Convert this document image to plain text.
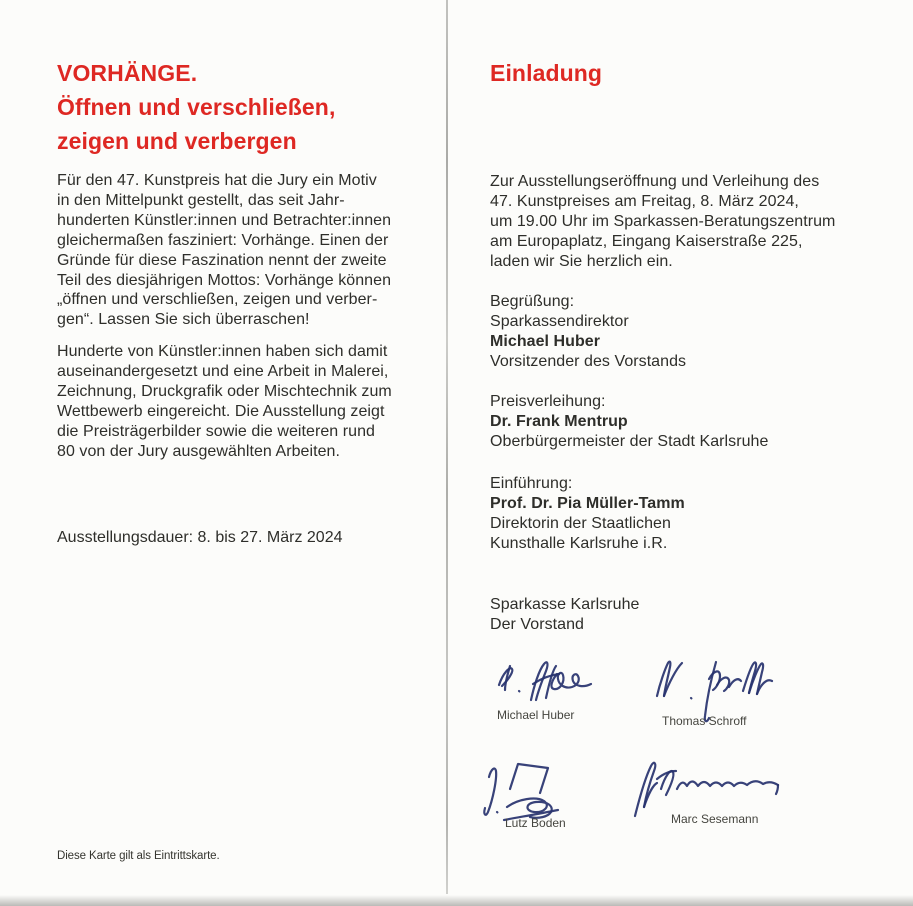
VORHÄNGE.
Öffnen und verschließen,
zeigen und verbergen
Für den 47. Kunstpreis hat die Jury ein Motiv
in den Mittelpunkt gestellt, das seit Jahr-
hunderten Künstler:innen und Betrachter:innen
gleichermaßen fasziniert: Vorhänge. Einen der
Gründe für diese Faszination nennt der zweite
Teil des diesjährigen Mottos: Vorhänge können
„öffnen und verschließen, zeigen und verber-
gen“. Lassen Sie sich überraschen!
Hunderte von Künstler:innen haben sich damit
auseinandergesetzt und eine Arbeit in Malerei,
Zeichnung, Druckgrafik oder Mischtechnik zum
Wettbewerb eingereicht. Die Ausstellung zeigt
die Preisträgerbilder sowie die weiteren rund
80 von der Jury ausgewählten Arbeiten.
Ausstellungsdauer: 8. bis 27. März 2024
Diese Karte gilt als Eintrittskarte.
Einladung
Zur Ausstellungseröffnung und Verleihung des
47. Kunstpreises am Freitag, 8. März 2024,
um 19.00 Uhr im Sparkassen-Beratungszentrum
am Europaplatz, Eingang Kaiserstraße 225,
laden wir Sie herzlich ein.
Begrüßung:
Sparkassendirektor
Michael Huber
Vorsitzender des Vorstands
Preisverleihung:
Dr. Frank Mentrup
Oberbürgermeister der Stadt Karlsruhe
Einführung:
Prof. Dr. Pia Müller-Tamm
Direktorin der Staatlichen
Kunsthalle Karlsruhe i.R.
Sparkasse Karlsruhe
Der Vorstand
Michael Huber	Thomas Schroff
Lutz Boden	Marc Sesemann
